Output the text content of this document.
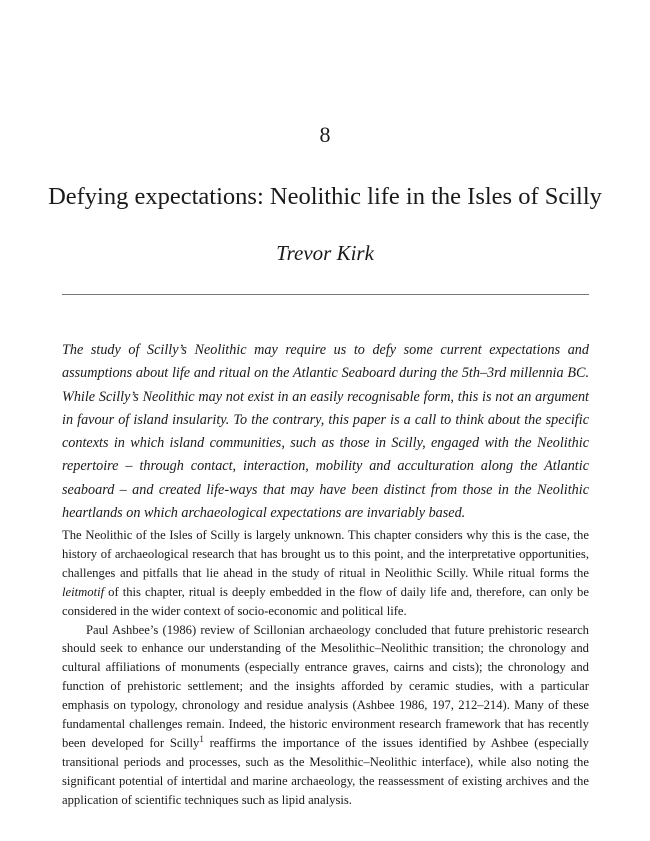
8
Defying expectations: Neolithic life in the Isles of Scilly
Trevor Kirk
The study of Scilly’s Neolithic may require us to defy some current expectations and
assumptions about life and ritual on the Atlantic Seaboard during the 5th–3rd millennia BC.
While Scilly’s Neolithic may not exist in an easily recognisable form, this is not an argument
in favour of island insularity. To the contrary, this paper is a call to think about the specific
contexts in which island communities, such as those in Scilly, engaged with the Neolithic
repertoire – through contact, interaction, mobility and acculturation along the Atlantic
seaboard – and created life-ways that may have been distinct from those in the Neolithic
heartlands on which archaeological expectations are invariably based.
The Neolithic of the Isles of Scilly is largely unknown. This chapter considers why this is the case, the
history of archaeological research that has brought us to this point, and the interpretative opportunities,
challenges and pitfalls that lie ahead in the study of ritual in Neolithic Scilly. While ritual forms the
leitmotif of this chapter, ritual is deeply embedded in the flow of daily life and, therefore, can only be
considered in the wider context of socio-economic and political life.
Paul Ashbee’s (1986) review of Scillonian archaeology concluded that future prehistoric research
should seek to enhance our understanding of the Mesolithic–Neolithic transition; the chronology and
cultural affiliations of monuments (especially entrance graves, cairns and cists); the chronology and
function of prehistoric settlement; and the insights afforded by ceramic studies, with a particular
emphasis on typology, chronology and residue analysis (Ashbee 1986, 197, 212–214). Many of these
fundamental challenges remain. Indeed, the historic environment research framework that has recently
been developed for Scilly$^1$ reaffirms the importance of the issues identified by Ashbee (especially
transitional periods and processes, such as the Mesolithic–Neolithic interface), while also noting the
significant potential of intertidal and marine archaeology, the reassessment of existing archives and the
application of scientific techniques such as lipid analysis.
